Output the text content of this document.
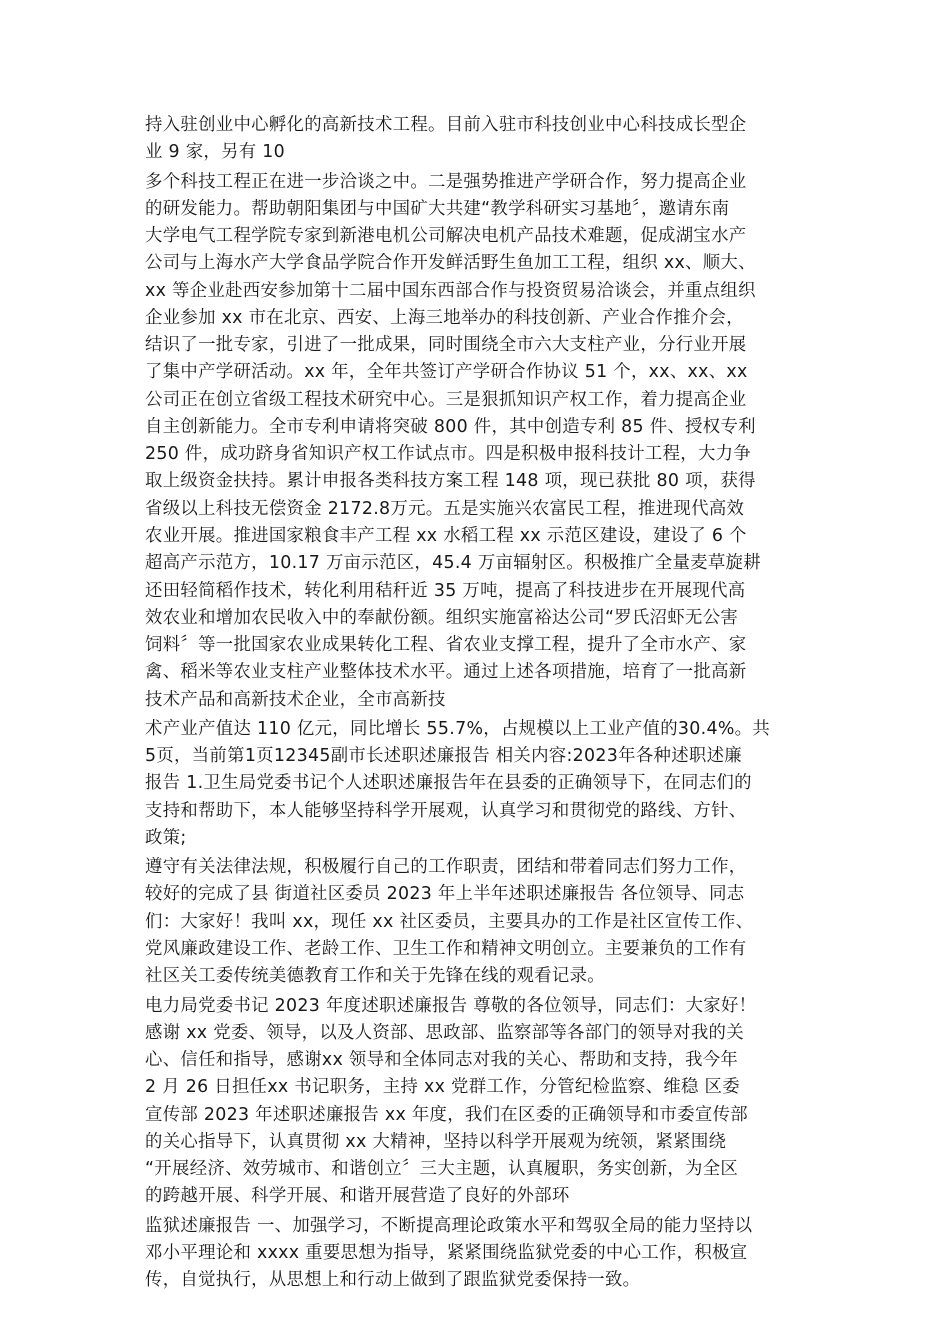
持入驻创业中心孵化的高新技术工程。目前入驻市科技创业中心科技成长型企
业 9 家，另有 10
多个科技工程正在进一步洽谈之中。二是强势推进产学研合作，努力提高企业
的研发能力。帮助朝阳集团与中国矿大共建“教学科研实习基地〞，邀请东南
大学电气工程学院专家到新港电机公司解决电机产品技术难题，促成湖宝水产
公司与上海水产大学食品学院合作开发鲜活野生鱼加工工程，组织 xx、顺大、
xx 等企业赴西安参加第十二届中国东西部合作与投资贸易洽谈会，并重点组织
企业参加 xx 市在北京、西安、上海三地举办的科技创新、产业合作推介会，
结识了一批专家，引进了一批成果，同时围绕全市六大支柱产业，分行业开展
了集中产学研活动。xx 年，全年共签订产学研合作协议 51 个，xx、xx、xx
公司正在创立省级工程技术研究中心。三是狠抓知识产权工作，着力提高企业
自主创新能力。全市专利申请将突破 800 件，其中创造专利 85 件、授权专利
250 件，成功跻身省知识产权工作试点市。四是积极申报科技计工程，大力争
取上级资金扶持。累计申报各类科技方案工程 148 项，现已获批 80 项，获得
省级以上科技无偿资金 2172.8万元。五是实施兴农富民工程，推进现代高效
农业开展。推进国家粮食丰产工程 xx 水稻工程 xx 示范区建设，建设了 6 个
超高产示范方，10.17 万亩示范区，45.4 万亩辐射区。积极推广全量麦草旋耕
还田轻简稻作技术，转化利用秸秆近 35 万吨，提高了科技进步在开展现代高
效农业和增加农民收入中的奉献份额。组织实施富裕达公司“罗氏沼虾无公害
饲料〞等一批国家农业成果转化工程、省农业支撑工程，提升了全市水产、家
禽、稻米等农业支柱产业整体技术水平。通过上述各项措施，培育了一批高新
技术产品和高新技术企业，全市高新技
术产业产值达 110 亿元，同比增长 55.7%，占规模以上工业产值的30.4%。共
5页，当前第1页12345副市长述职述廉报告 相关内容:2023年各种述职述廉
报告 1.卫生局党委书记个人述职述廉报告年在县委的正确领导下，在同志们的
支持和帮助下，本人能够坚持科学开展观，认真学习和贯彻党的路线、方针、
政策;
遵守有关法律法规，积极履行自己的工作职责，团结和带着同志们努力工作，
较好的完成了县 街道社区委员 2023 年上半年述职述廉报告 各位领导、同志
们：大家好！我叫 xx，现任 xx 社区委员，主要具办的工作是社区宣传工作、
党风廉政建设工作、老龄工作、卫生工作和精神文明创立。主要兼负的工作有
社区关工委传统美德教育工作和关于先锋在线的观看记录。
电力局党委书记 2023 年度述职述廉报告 尊敬的各位领导，同志们：大家好！
感谢 xx 党委、领导，以及人资部、思政部、监察部等各部门的领导对我的关
心、信任和指导，感谢xx 领导和全体同志对我的关心、帮助和支持，我今年
2 月 26 日担任xx 书记职务，主持 xx 党群工作，分管纪检监察、维稳 区委
宣传部 2023 年述职述廉报告 xx 年度，我们在区委的正确领导和市委宣传部
的关心指导下，认真贯彻 xx 大精神，坚持以科学开展观为统领，紧紧围绕
“开展经济、效劳城市、和谐创立〞三大主题，认真履职，务实创新，为全区
的跨越开展、科学开展、和谐开展营造了良好的外部环
监狱述廉报告 一、加强学习，不断提高理论政策水平和驾驭全局的能力坚持以
邓小平理论和 xxxx 重要思想为指导，紧紧围绕监狱党委的中心工作，积极宣
传，自觉执行，从思想上和行动上做到了跟监狱党委保持一致。
